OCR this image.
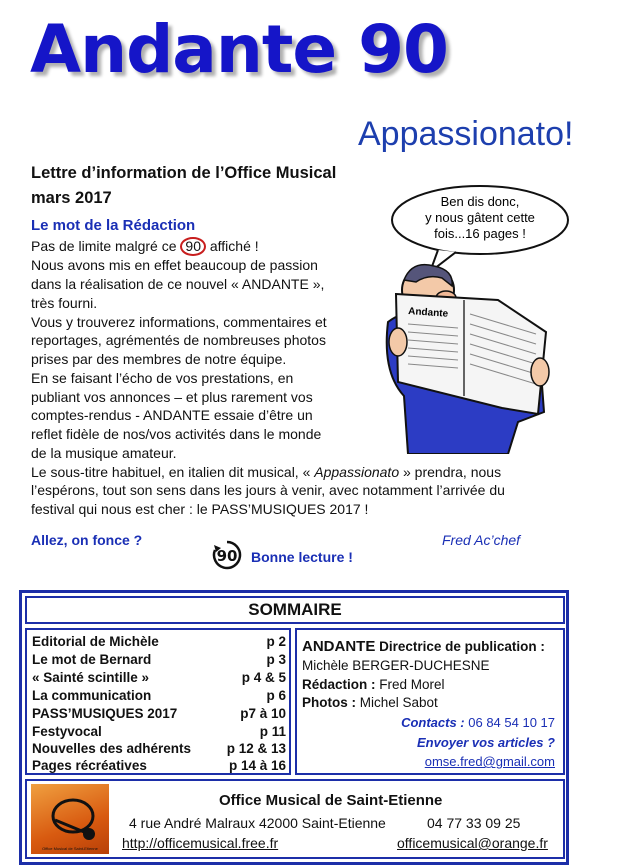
Andante 90
Appassionato!
Lettre d’information de l’Office Musical
mars 2017	Ben dis donc,
y nous gâtent cette
fois...16 pages !
Andante
Le mot de la Rédaction
Pas de limite malgré ce 90 affiché !
Nous avons mis en effet beaucoup de passion
dans la réalisation de ce nouvel « ANDANTE »,
très fourni.
Vous y trouverez informations, commentaires et
reportages, agrémentés de nombreuses photos
prises par des membres de notre équipe.
En se faisant l’écho de vos prestations, en
publiant vos annonces – et plus rarement vos
comptes-rendus - ANDANTE essaie d’être un
reflet fidèle de nos/vos activités dans le monde
de la musique amateur.
Le sous-titre habituel, en italien dit musical, « Appassionato » prendra, nous
l’espérons, tout son sens dans les jours à venir, avec notamment l’arrivée du
festival qui nous est cher : le PASS’MUSIQUES 2017 !
Allez, on fonce ?	Fred Ac’chef
90 Bonne lecture !
SOMMAIRE
Editorial de Michèle	p 2
Le mot de Bernard	p 3
« Sainté scintille »	p 4 & 5
La communication	p 6
PASS’MUSIQUES 2017	p7 à 10
Festyvocal	p 11
Nouvelles des adhérents	p 12 & 13
Pages récréatives	p 14 à 16
ANDANTE Directrice de publication :
Michèle BERGER-DUCHESNE
Rédaction : Fred Morel
Photos : Michel Sabot
Contacts : 06 84 54 10 17
Envoyer vos articles ?
omse.fred@gmail.com
Office Musical de Saint-Etienne
Office Musical de Saint-Etienne
4 rue André Malraux 42000 Saint-Etienne	04 77 33 09 25
http://officemusical.free.fr	officemusical@orange.fr
